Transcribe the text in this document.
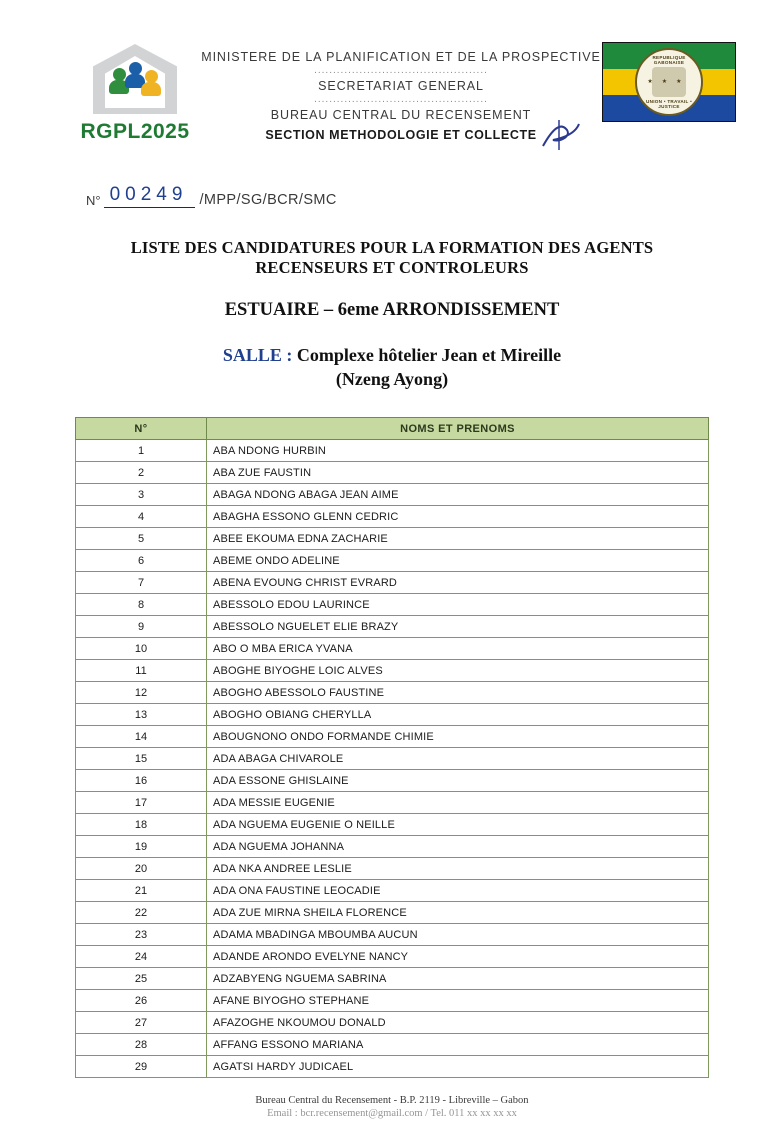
RGPL2025
MINISTERE DE LA PLANIFICATION ET DE LA PROSPECTIVE
..............................................
SECRETARIAT GENERAL
..............................................
BUREAU CENTRAL DU RECENSEMENT
SECTION METHODOLOGIE ET COLLECTE
REPUBLIQUE GABONAISE
★★★
UNION • TRAVAIL • JUSTICE
N° 00249 /MPP/SG/BCR/SMC
LISTE DES CANDIDATURES POUR LA FORMATION DES AGENTS
RECENSEURS ET CONTROLEURS
ESTUAIRE – 6eme ARRONDISSEMENT
SALLE : Complexe hôtelier Jean et Mireille
(Nzeng Ayong)
N°	NOMS ET PRENOMS
1	ABA NDONG HURBIN
2	ABA ZUE FAUSTIN
3	ABAGA NDONG ABAGA JEAN AIME
4	ABAGHA ESSONO GLENN CEDRIC
5	ABEE EKOUMA EDNA ZACHARIE
6	ABEME ONDO ADELINE
7	ABENA EVOUNG CHRIST EVRARD
8	ABESSOLO EDOU LAURINCE
9	ABESSOLO NGUELET ELIE BRAZY
10	ABO O MBA ERICA YVANA
11	ABOGHE BIYOGHE LOIC ALVES
12	ABOGHO ABESSOLO FAUSTINE
13	ABOGHO OBIANG CHERYLLA
14	ABOUGNONO ONDO FORMANDE CHIMIE
15	ADA ABAGA CHIVAROLE
16	ADA ESSONE GHISLAINE
17	ADA MESSIE EUGENIE
18	ADA NGUEMA EUGENIE O NEILLE
19	ADA NGUEMA JOHANNA
20	ADA NKA ANDREE LESLIE
21	ADA ONA FAUSTINE LEOCADIE
22	ADA ZUE MIRNA SHEILA FLORENCE
23	ADAMA MBADINGA MBOUMBA AUCUN
24	ADANDE ARONDO EVELYNE NANCY
25	ADZABYENG NGUEMA SABRINA
26	AFANE BIYOGHO STEPHANE
27	AFAZOGHE NKOUMOU DONALD
28	AFFANG ESSONO MARIANA
29	AGATSI HARDY JUDICAEL
Bureau Central du Recensement - B.P. 2119 - Libreville – Gabon
Email : bcr.recensement@gmail.com / Tel. 011 xx xx xx xx
